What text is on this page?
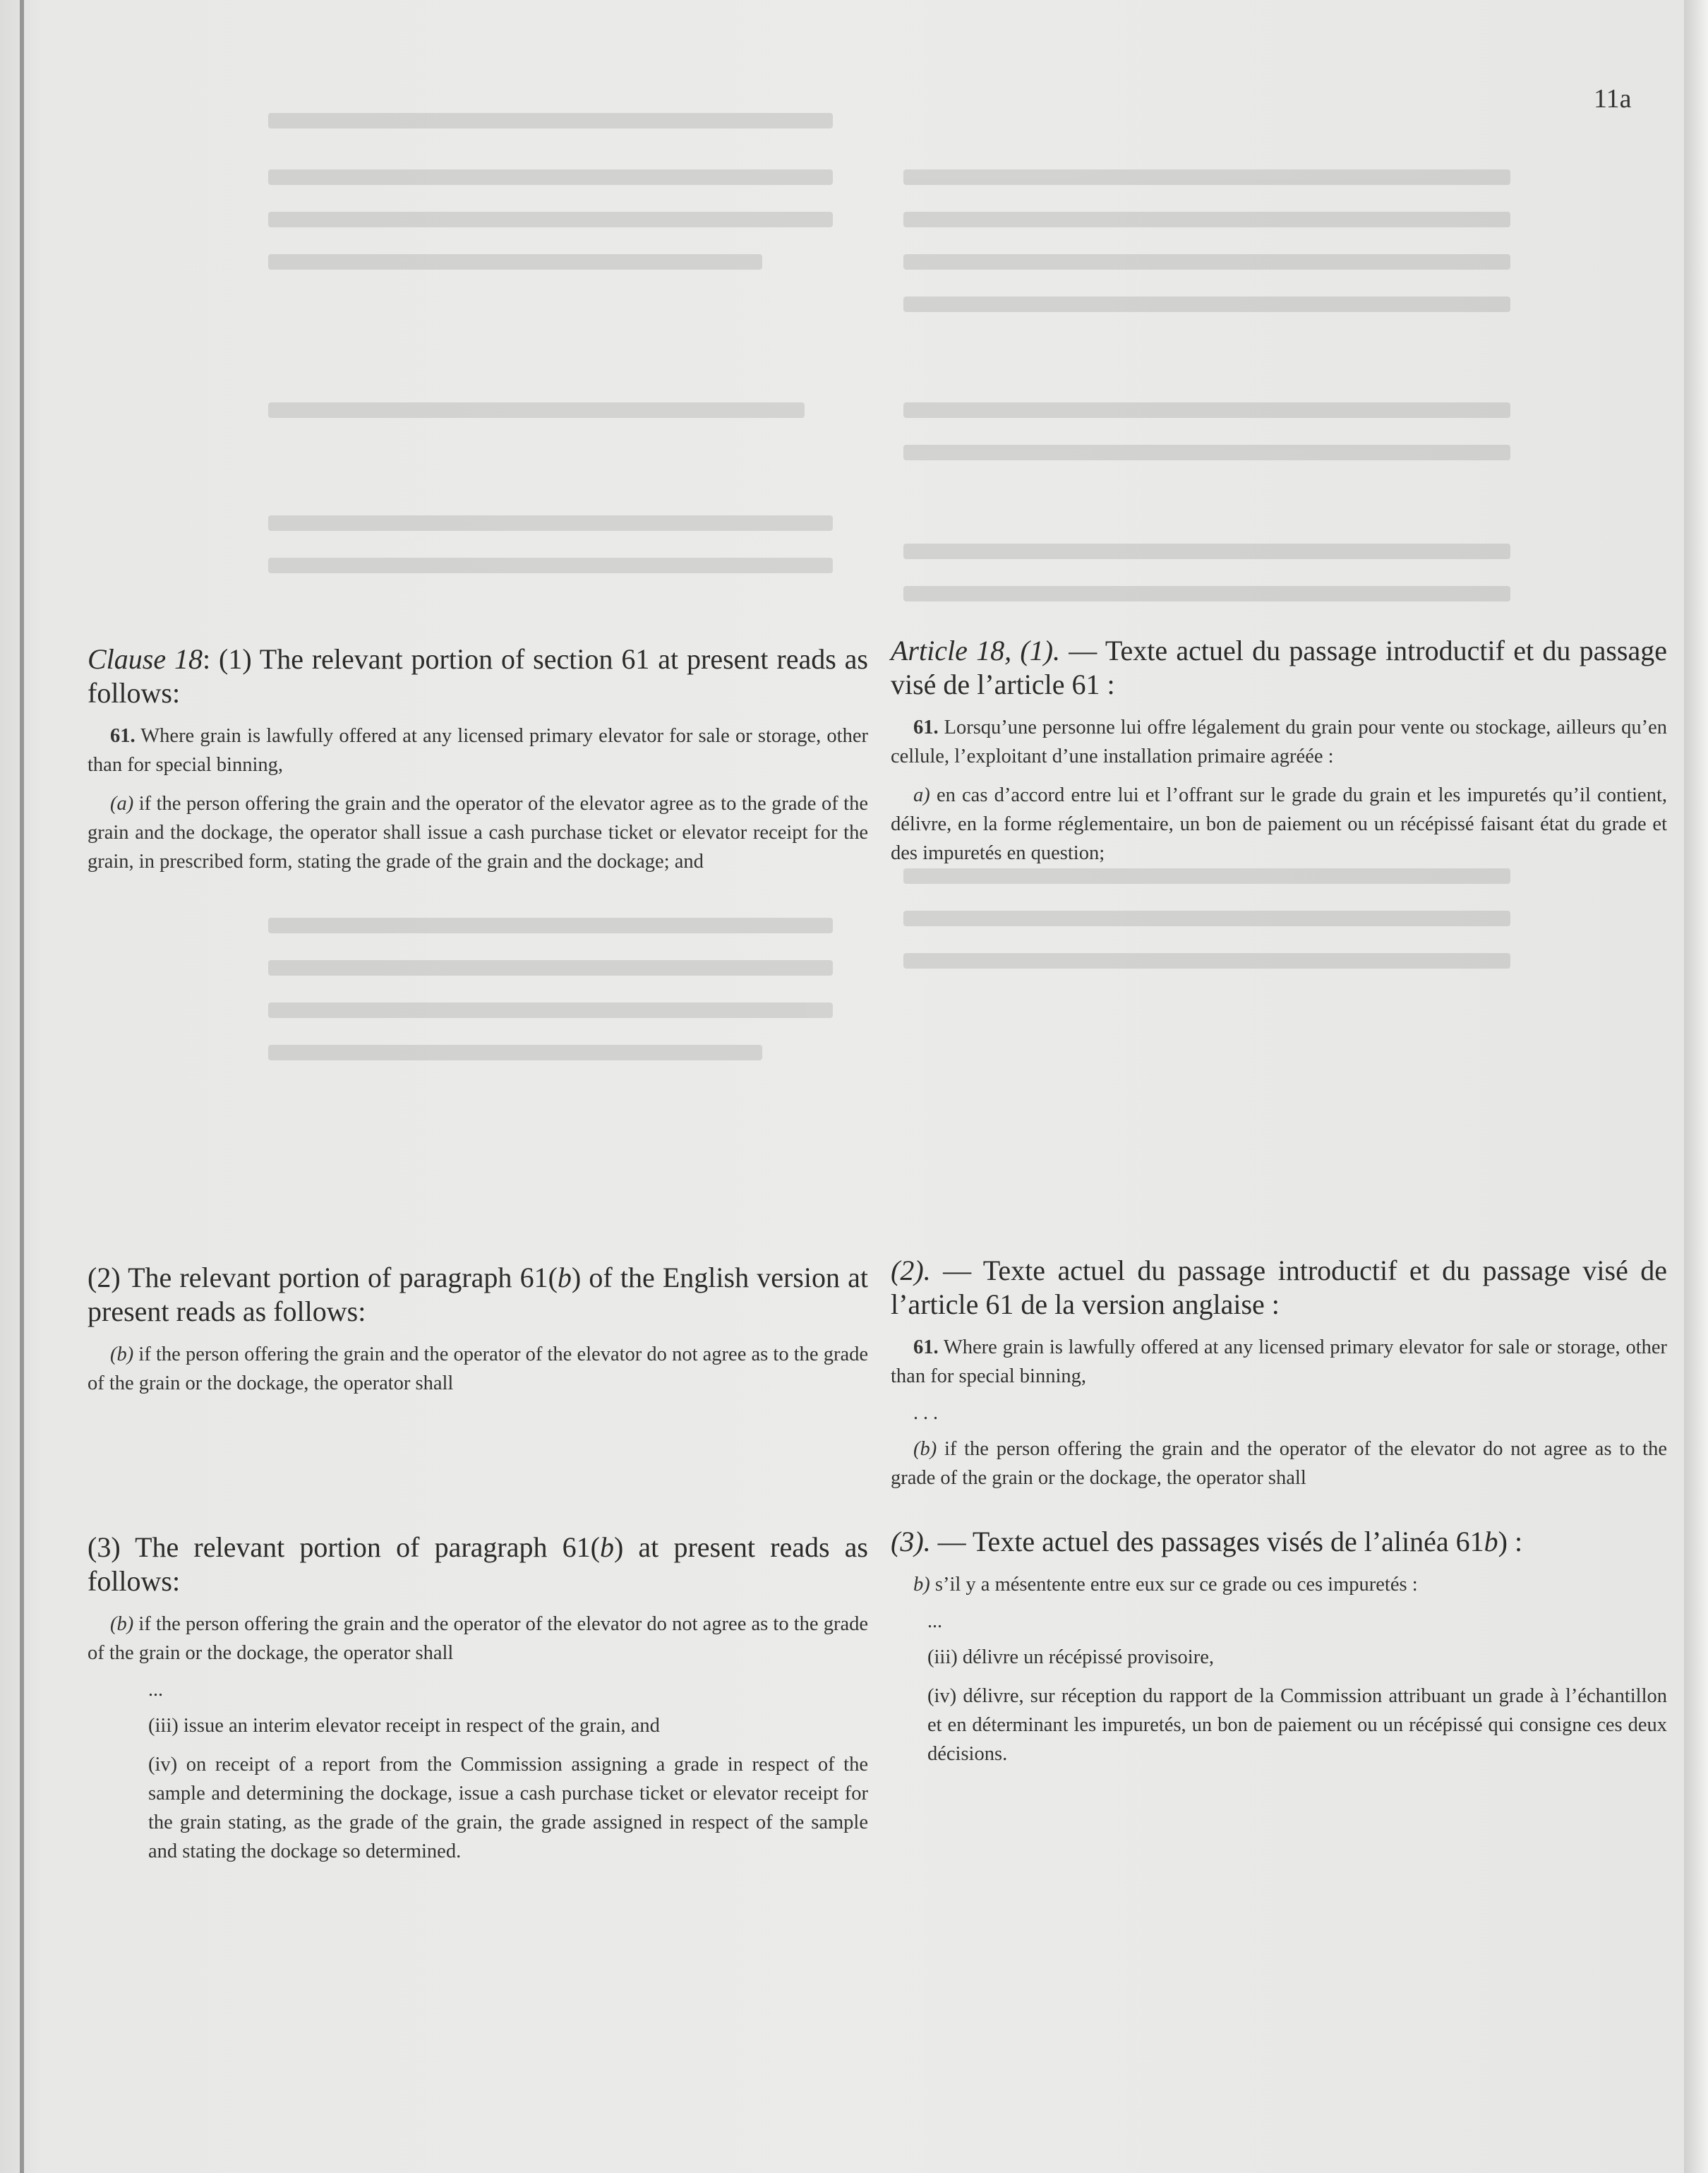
11a

Clause 18: (1) The relevant portion of section 61 at present reads as follows:

61. Where grain is lawfully offered at any licensed primary elevator for sale or storage, other than for special binning,

(a) if the person offering the grain and the operator of the elevator agree as to the grade of the grain and the dockage, the operator shall issue a cash purchase ticket or elevator receipt for the grain, in prescribed form, stating the grade of the grain and the dockage; and

(2) The relevant portion of paragraph 61(b) of the English version at present reads as follows:

(b) if the person offering the grain and the operator of the elevator do not agree as to the grade of the grain or the dockage, the operator shall

(3) The relevant portion of paragraph 61(b) at present reads as follows:

(b) if the person offering the grain and the operator of the elevator do not agree as to the grade of the grain or the dockage, the operator shall

...

(iii) issue an interim elevator receipt in respect of the grain, and

(iv) on receipt of a report from the Commission assigning a grade in respect of the sample and determining the dockage, issue a cash purchase ticket or elevator receipt for the grain stating, as the grade of the grain, the grade assigned in respect of the sample and stating the dockage so determined.

Article 18, (1). — Texte actuel du passage introductif et du passage visé de l’article 61 :

61. Lorsqu’une personne lui offre légalement du grain pour vente ou stockage, ailleurs qu’en cellule, l’exploitant d’une installation primaire agréée :

a) en cas d’accord entre lui et l’offrant sur le grade du grain et les impuretés qu’il contient, délivre, en la forme réglementaire, un bon de paiement ou un récépissé faisant état du grade et des impuretés en question;

(2). — Texte actuel du passage introductif et du passage visé de l’article 61 de la version anglaise :

61. Where grain is lawfully offered at any licensed primary elevator for sale or storage, other than for special binning,

. . .

(b) if the person offering the grain and the operator of the elevator do not agree as to the grade of the grain or the dockage, the operator shall

(3). — Texte actuel des passages visés de l’alinéa 61b) :

b) s’il y a mésentente entre eux sur ce grade ou ces impuretés :

...

(iii) délivre un récépissé provisoire,

(iv) délivre, sur réception du rapport de la Commission attribuant un grade à l’échantillon et en déterminant les impuretés, un bon de paiement ou un récépissé qui consigne ces deux décisions.
